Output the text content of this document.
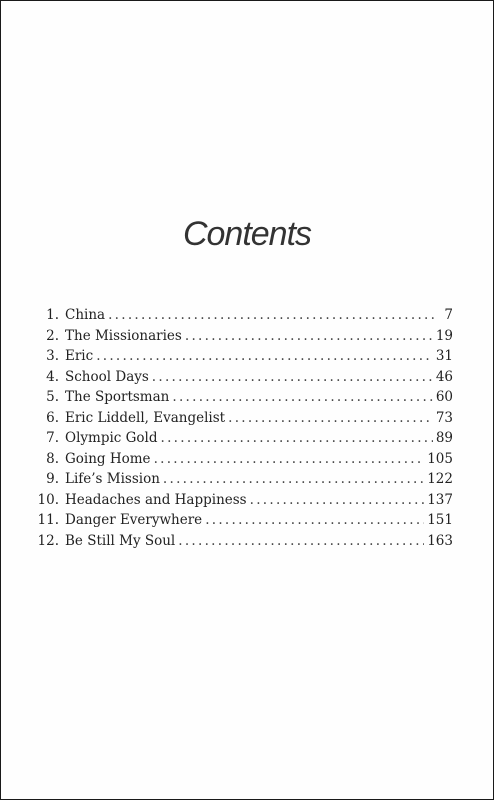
Contents
1. China . . .	7
2. The Missionaries . . .	19
3. Eric . . .	31
4. School Days . . .	46
5. The Sportsman . . .	60
6. Eric Liddell, Evangelist . . .	73
7. Olympic Gold . . .	89
8. Going Home . . .	105
9. Life’s Mission . . .	122
10. Headaches and Happiness . . .	137
11. Danger Everywhere . . .	151
12. Be Still My Soul . . .	163
